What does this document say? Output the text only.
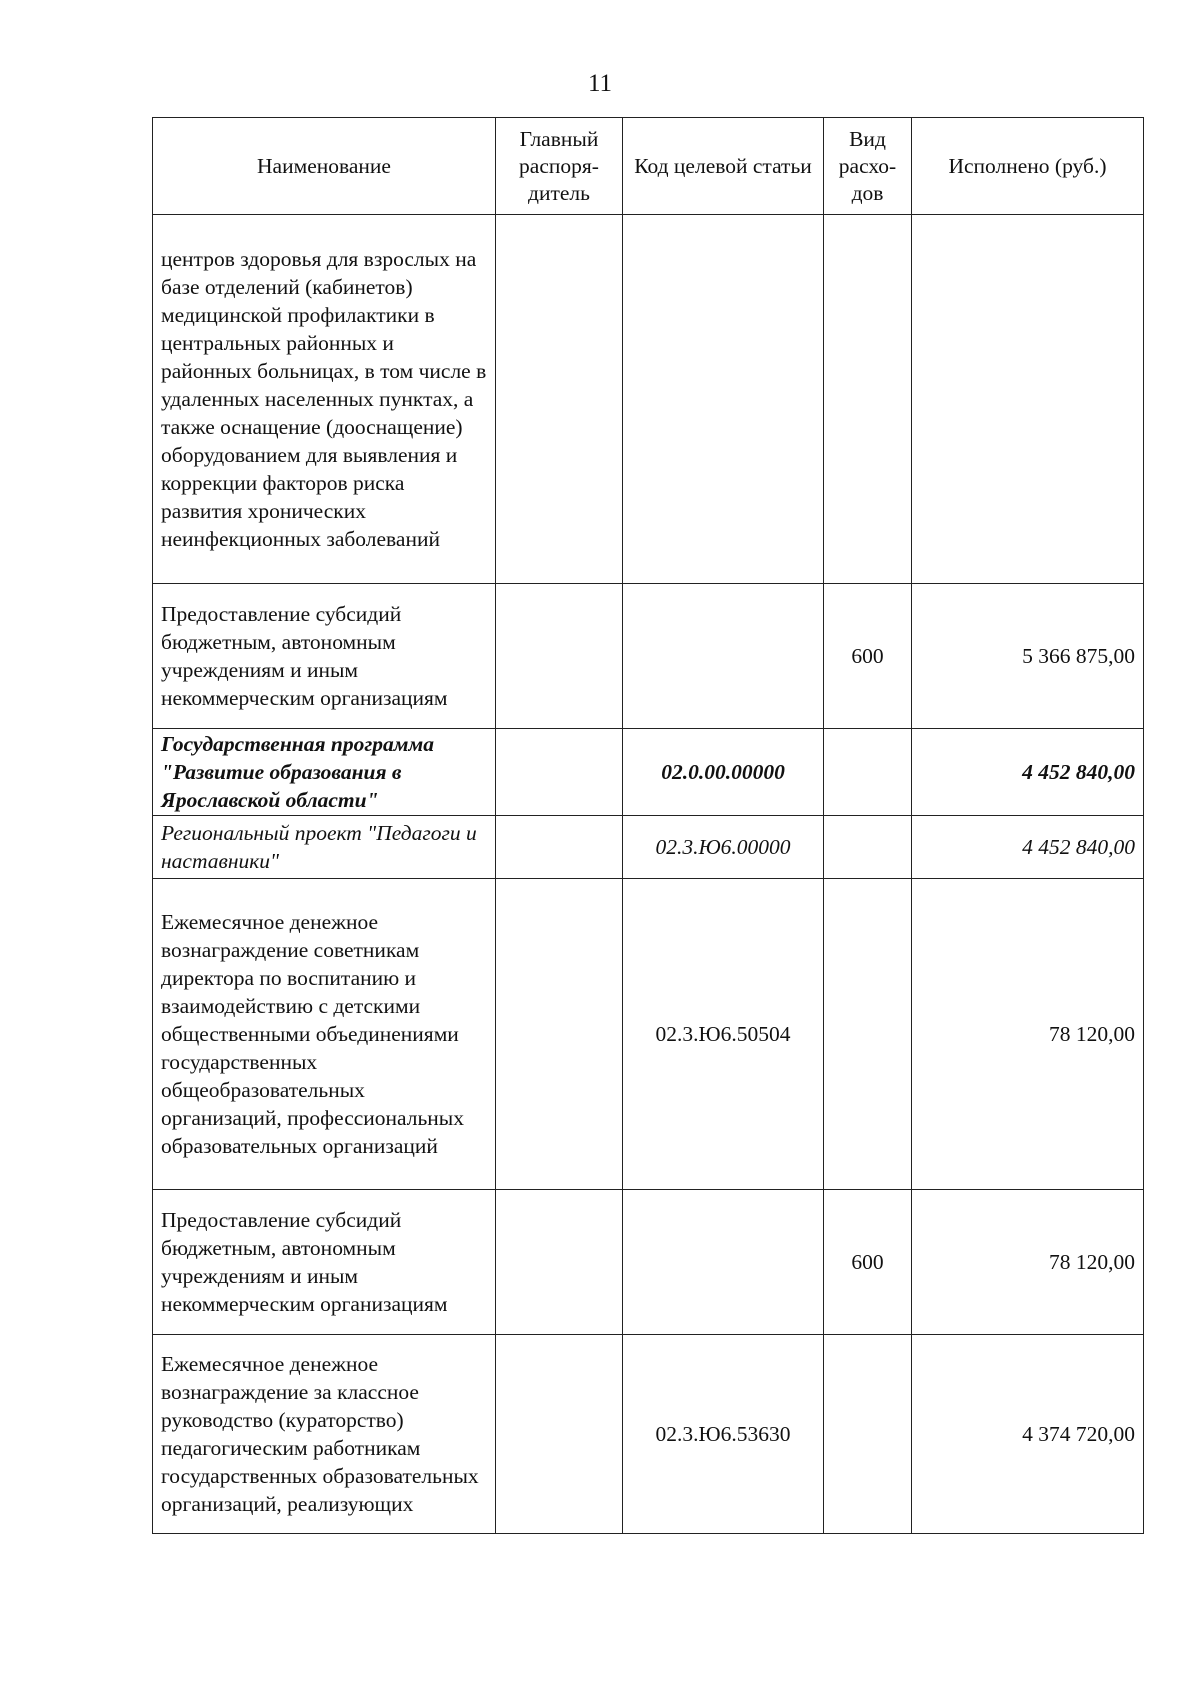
11
Наименование	Главный распоря-дитель	Код целевой статьи	Вид расхо-дов	Исполнено (руб.)
центров здоровья для взрослых на базе отделений (кабинетов) медицинской профилактики в центральных районных и районных больницах, в том числе в удаленных населенных пунктах, а также оснащение (дооснащение) оборудованием для выявления и коррекции факторов риска развития хронических неинфекционных заболеваний				
Предоставление субсидий бюджетным, автономным учреждениям и иным некоммерческим организациям			600	5 366 875,00
Государственная программа "Развитие образования в Ярославской области"		02.0.00.00000		4 452 840,00
Региональный проект "Педагоги и наставники"		02.3.Ю6.00000		4 452 840,00
Ежемесячное денежное вознаграждение советникам директора по воспитанию и взаимодействию с детскими общественными объединениями государственных общеобразовательных организаций, профессиональных образовательных организаций		02.3.Ю6.50504		78 120,00
Предоставление субсидий бюджетным, автономным учреждениям и иным некоммерческим организациям			600	78 120,00
Ежемесячное денежное вознаграждение за классное руководство (кураторство) педагогическим работникам государственных образовательных организаций, реализующих		02.3.Ю6.53630		4 374 720,00
